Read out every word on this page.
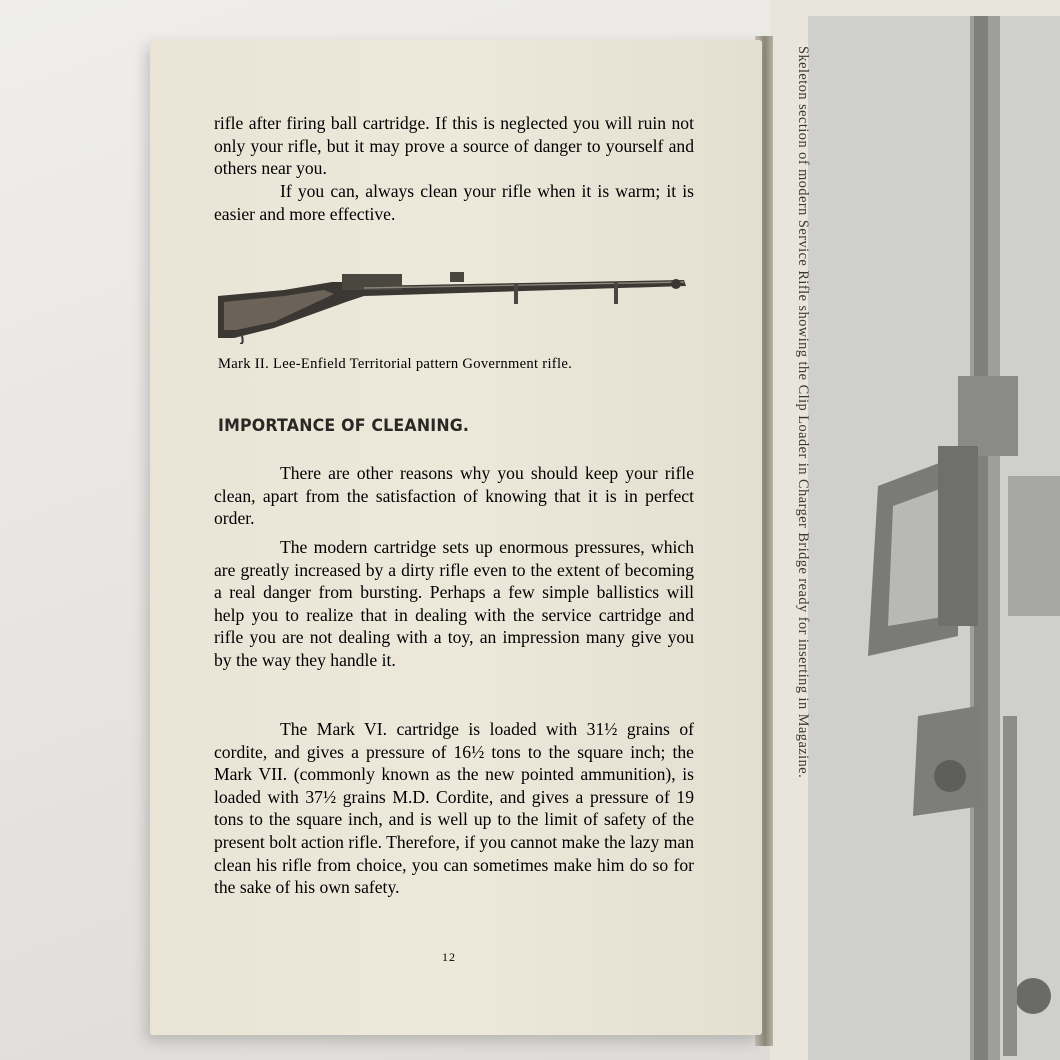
Skeleton section of modern Service Rifle showing the Clip Loader in Charger Bridge ready for inserting in Magazine.

rifle after firing ball cartridge. If this is neglected you will ruin not only your rifle, but it may prove a source of danger to yourself and others near you.

If you can, always clean your rifle when it is warm; it is easier and more effective.

Mark II. Lee-Enfield Territorial pattern Government rifle.

IMPORTANCE OF CLEANING.

There are other reasons why you should keep your rifle clean, apart from the satisfaction of knowing that it is in perfect order.

The modern cartridge sets up enormous pressures, which are greatly increased by a dirty rifle even to the extent of becoming a real danger from bursting. Perhaps a few simple ballistics will help you to realize that in dealing with the service cartridge and rifle you are not dealing with a toy, an impression many give you by the way they handle it.

The Mark VI. cartridge is loaded with 31½ grains of cordite, and gives a pressure of 16½ tons to the square inch; the Mark VII. (commonly known as the new pointed ammunition), is loaded with 37½ grains M.D. Cordite, and gives a pressure of 19 tons to the square inch, and is well up to the limit of safety of the present bolt action rifle. Therefore, if you cannot make the lazy man clean his rifle from choice, you can sometimes make him do so for the sake of his own safety.

12
